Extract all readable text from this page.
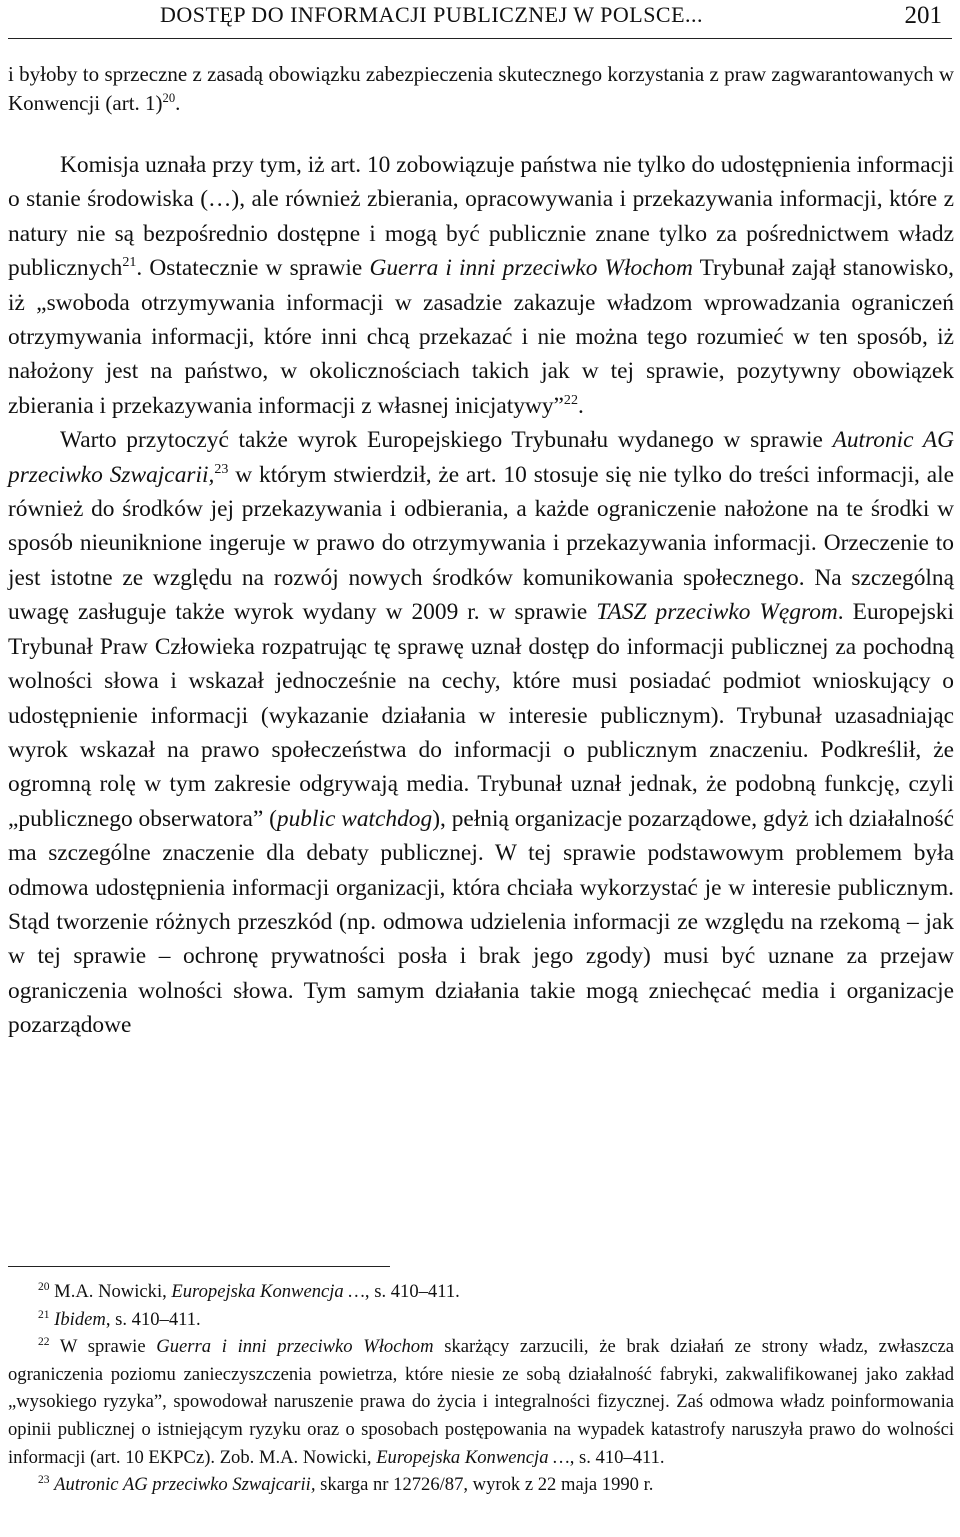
DOSTĘP DO INFORMACJI PUBLICZNEJ W POLSCE...	201

i byłoby to sprzeczne z zasadą obowiązku zabezpieczenia skutecznego korzystania z praw zagwarantowanych w Konwencji (art. 1)$^{20}$.

Komisja uznała przy tym, iż art. 10 zobowiązuje państwa nie tylko do udostępnienia informacji o stanie środowiska (…), ale również zbierania, opracowywania i przekazywania informacji, które z natury nie są bezpośrednio dostępne i mogą być publicznie znane tylko za pośrednictwem władz publicznych$^{21}$. Ostatecznie w sprawie Guerra i inni przeciwko Włochom Trybunał zajął stanowisko, iż „swoboda otrzymywania informacji w zasadzie zakazuje władzom wprowadzania ograniczeń otrzymywania informacji, które inni chcą przekazać i nie można tego rozumieć w ten sposób, iż nałożony jest na państwo, w okolicznościach takich jak w tej sprawie, pozytywny obowiązek zbierania i przekazywania informacji z własnej inicjatywy”$^{22}$.

Warto przytoczyć także wyrok Europejskiego Trybunału wydanego w sprawie Autronic AG przeciwko Szwajcarii,$^{23}$ w którym stwierdził, że art. 10 stosuje się nie tylko do treści informacji, ale również do środków jej przekazywania i odbierania, a każde ograniczenie nałożone na te środki w sposób nieuniknione ingeruje w prawo do otrzymywania i przekazywania informacji. Orzeczenie to jest istotne ze względu na rozwój nowych środków komunikowania społecznego. Na szczególną uwagę zasługuje także wyrok wydany w 2009 r. w sprawie TASZ przeciwko Węgrom. Europejski Trybunał Praw Człowieka rozpatrując tę sprawę uznał dostęp do informacji publicznej za pochodną wolności słowa i wskazał jednocześnie na cechy, które musi posiadać podmiot wnioskujący o udostępnienie informacji (wykazanie działania w interesie publicznym). Trybunał uzasadniając wyrok wskazał na prawo społeczeństwa do informacji o publicznym znaczeniu. Podkreślił, że ogromną rolę w tym zakresie odgrywają media. Trybunał uznał jednak, że podobną funkcję, czyli „publicznego obserwatora” (public watchdog), pełnią organizacje pozarządowe, gdyż ich działalność ma szczególne znaczenie dla debaty publicznej. W tej sprawie podstawowym problemem była odmowa udostępnienia informacji organizacji, która chciała wykorzystać je w interesie publicznym. Stąd tworzenie różnych przeszkód (np. odmowa udzielenia informacji ze względu na rzekomą – jak w tej sprawie – ochronę prywatności posła i brak jego zgody) musi być uznane za przejaw ograniczenia wolności słowa. Tym samym działania takie mogą zniechęcać media i organizacje pozarządowe

$^{20}$ M.A. Nowicki, Europejska Konwencja …, s. 410–411.

$^{21}$ Ibidem, s. 410–411.

$^{22}$ W sprawie Guerra i inni przeciwko Włochom skarżący zarzucili, że brak działań ze strony władz, zwłaszcza ograniczenia poziomu zanieczyszczenia powietrza, które niesie ze sobą działalność fabryki, zakwalifikowanej jako zakład „wysokiego ryzyka”, spowodował naruszenie prawa do życia i integralności fizycznej. Zaś odmowa władz poinformowania opinii publicznej o istniejącym ryzyku oraz o sposobach postępowania na wypadek katastrofy naruszyła prawo do wolności informacji (art. 10 EKPCz). Zob. M.A. Nowicki, Europejska Konwencja …, s. 410–411.

$^{23}$ Autronic AG przeciwko Szwajcarii, skarga nr 12726/87, wyrok z 22 maja 1990 r.
